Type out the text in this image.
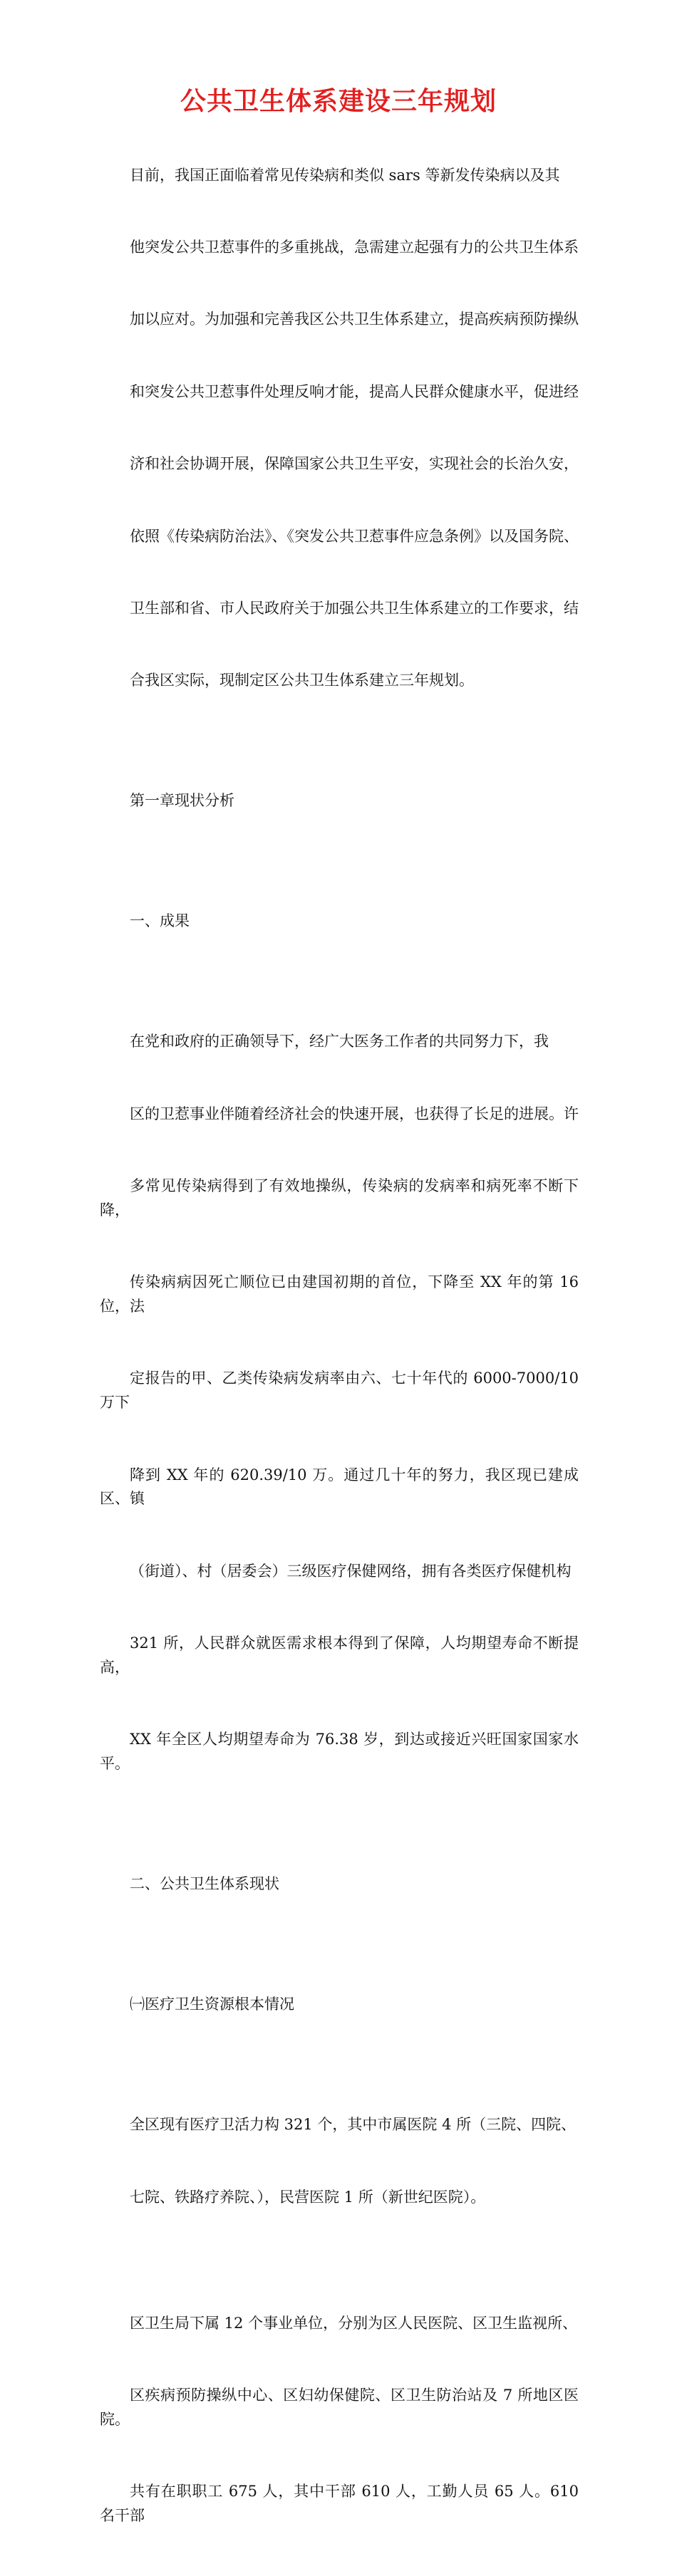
公共卫生体系建设三年规划

目前，我国正面临着常见传染病和类似 sars 等新发传染病以及其

他突发公共卫惹事件的多重挑战，急需建立起强有力的公共卫生体系

加以应对。为加强和完善我区公共卫生体系建立，提高疾病预防操纵

和突发公共卫惹事件处理反响才能，提高人民群众健康水平，促进经

济和社会协调开展，保障国家公共卫生平安，实现社会的长治久安，

依照《传染病防治法》、《突发公共卫惹事件应急条例》以及国务院、

卫生部和省、市人民政府关于加强公共卫生体系建立的工作要求，结

合我区实际，现制定区公共卫生体系建立三年规划。

第一章现状分析

一、成果

在党和政府的正确领导下，经广大医务工作者的共同努力下，我

区的卫惹事业伴随着经济社会的快速开展，也获得了长足的进展。许

多常见传染病得到了有效地操纵，传染病的发病率和病死率不断下降，

传染病病因死亡顺位已由建国初期的首位，下降至 XX 年的第 16 位，法

定报告的甲、乙类传染病发病率由六、七十年代的 6000-7000/10 万下

降到 XX 年的 620.39/10 万。通过几十年的努力，我区现已建成区、镇

（街道）、村（居委会）三级医疗保健网络，拥有各类医疗保健机构

321 所，人民群众就医需求根本得到了保障，人均期望寿命不断提高，

XX 年全区人均期望寿命为 76.38 岁，到达或接近兴旺国家国家水平。

二、公共卫生体系现状

㈠医疗卫生资源根本情况

全区现有医疗卫活力构 321 个，其中市属医院 4 所（三院、四院、

七院、铁路疗养院、），民营医院 1 所（新世纪医院）。

区卫生局下属 12 个事业单位，分别为区人民医院、区卫生监视所、

区疾病预防操纵中心、区妇幼保健院、区卫生防治站及 7 所地区医院。

共有在职职工 675 人，其中干部 610 人，工勤人员 65 人。610 名干部
